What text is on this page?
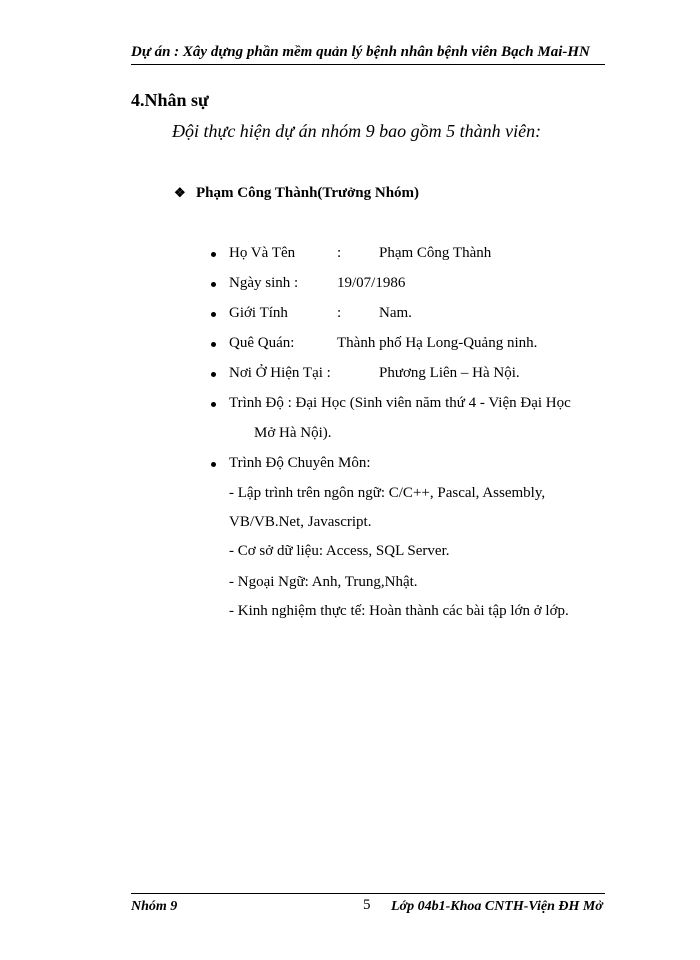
Dự án : Xây dựng phần mềm quản lý bệnh nhân bệnh viên Bạch Mai-HN
4.Nhân sự
Đội thực hiện dự án nhóm 9 bao gồm 5 thành viên:
❖ Phạm Công Thành(Trưởng Nhóm)
Họ Và Tên	:	Phạm Công Thành
Ngày sinh :	19/07/1986
Giới Tính	:	Nam.
Quê Quán:	Thành phố Hạ Long-Quảng ninh.
Nơi Ở Hiện Tại :	Phương Liên – Hà Nội.
Trình Độ : Đại Học (Sinh viên năm thứ 4 - Viện Đại Học
Mở Hà Nội).
Trình Độ Chuyên Môn:
- Lập trình trên ngôn ngữ: C/C++, Pascal, Assembly,
VB/VB.Net, Javascript.
- Cơ sở dữ liệu: Access, SQL Server.
- Ngoại Ngữ: Anh, Trung,Nhật.
- Kinh nghiệm thực tế: Hoàn thành các bài tập lớn ở lớp.
Nhóm 9	5 Lớp 04b1-Khoa CNTH-Viện ĐH Mở
